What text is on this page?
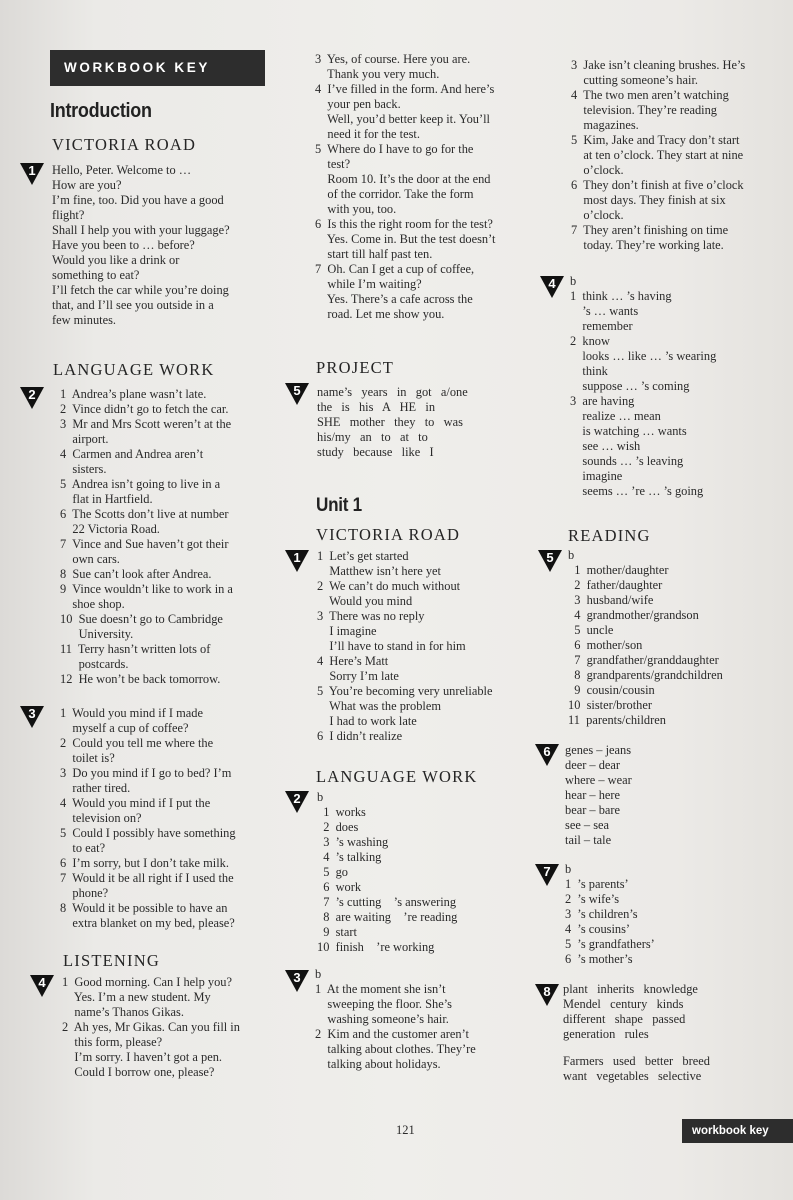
WORKBOOK KEY
Introduction
VICTORIA ROAD
1 Hello, Peter. Welcome to …
How are you?
I’m fine, too. Did you have a good
flight?
Shall I help you with your luggage?
Have you been to … before?
Would you like a drink or
something to eat?
I’ll fetch the car while you’re doing
that, and I’ll see you outside in a
few minutes.
LANGUAGE WORK
2 1  Andrea’s plane wasn’t late.
2  Vince didn’t go to fetch the car.
3  Mr and Mrs Scott weren’t at the
airport.
4  Carmen and Andrea aren’t
sisters.
5  Andrea isn’t going to live in a
flat in Hartfield.
6  The Scotts don’t live at number
22 Victoria Road.
7  Vince and Sue haven’t got their
own cars.
8  Sue can’t look after Andrea.
9  Vince wouldn’t like to work in a
shoe shop.
10  Sue doesn’t go to Cambridge
University.
11  Terry hasn’t written lots of
postcards.
12  He won’t be back tomorrow.
3 1  Would you mind if I made
myself a cup of coffee?
2  Could you tell me where the
toilet is?
3  Do you mind if I go to bed? I’m
rather tired.
4  Would you mind if I put the
television on?
5  Could I possibly have something
to eat?
6  I’m sorry, but I don’t take milk.
7  Would it be all right if I used the
phone?
8  Would it be possible to have an
extra blanket on my bed, please?
LISTENING
4 1  Good morning. Can I help you?
Yes. I’m a new student. My
name’s Thanos Gikas.
2  Ah yes, Mr Gikas. Can you fill in
this form, please?
I’m sorry. I haven’t got a pen.
Could I borrow one, please?
3  Yes, of course. Here you are.
Thank you very much.
4  I’ve filled in the form. And here’s
your pen back.
Well, you’d better keep it. You’ll
need it for the test.
5  Where do I have to go for the
test?
Room 10. It’s the door at the end
of the corridor. Take the form
with you, too.
6  Is this the right room for the test?
Yes. Come in. But the test doesn’t
start till half past ten.
7  Oh. Can I get a cup of coffee,
while I’m waiting?
Yes. There’s a cafe across the
road. Let me show you.
PROJECT
5 name’s   years   in   got   a/one
the   is   his   A   HE   in
SHE   mother   they   to   was
his/my   an   to   at   to
study   because   like   I
Unit 1
VICTORIA ROAD
1 1  Let’s get started
Matthew isn’t here yet
2  We can’t do much without
Would you mind
3  There was no reply
I imagine
I’ll have to stand in for him
4  Here’s Matt
Sorry I’m late
5  You’re becoming very unreliable
What was the problem
I had to work late
6  I didn’t realize
LANGUAGE WORK
2 b
1  works
2  does
3  ’s washing
4  ’s talking
5  go
6  work
7  ’s cutting    ’s answering
8  are waiting    ’re reading
9  start
10  finish    ’re working
3 b
1  At the moment she isn’t
sweeping the floor. She’s
washing someone’s hair.
2  Kim and the customer aren’t
talking about clothes. They’re
talking about holidays.
3  Jake isn’t cleaning brushes. He’s
cutting someone’s hair.
4  The two men aren’t watching
television. They’re reading
magazines.
5  Kim, Jake and Tracy don’t start
at ten o’clock. They start at nine
o’clock.
6  They don’t finish at five o’clock
most days. They finish at six
o’clock.
7  They aren’t finishing on time
today. They’re working late.
4 b
1  think … ’s having
’s … wants
remember
2  know
looks … like … ’s wearing
think
suppose … ’s coming
3  are having
realize … mean
is watching … wants
see … wish
sounds … ’s leaving
imagine
seems … ’re … ’s going
READING
5 b
1  mother/daughter
2  father/daughter
3  husband/wife
4  grandmother/grandson
5  uncle
6  mother/son
7  grandfather/granddaughter
8  grandparents/grandchildren
9  cousin/cousin
10  sister/brother
11  parents/children
6 genes – jeans
deer – dear
where – wear
hear – here
bear – bare
see – sea
tail – tale
7 b
1  ’s parents’
2  ’s wife’s
3  ’s children’s
4  ’s cousins’
5  ’s grandfathers’
6  ’s mother’s
8 plant   inherits   knowledge
Mendel   century   kinds
different   shape   passed
generation   rules
Farmers   used   better   breed
want   vegetables   selective
121	workbook key
